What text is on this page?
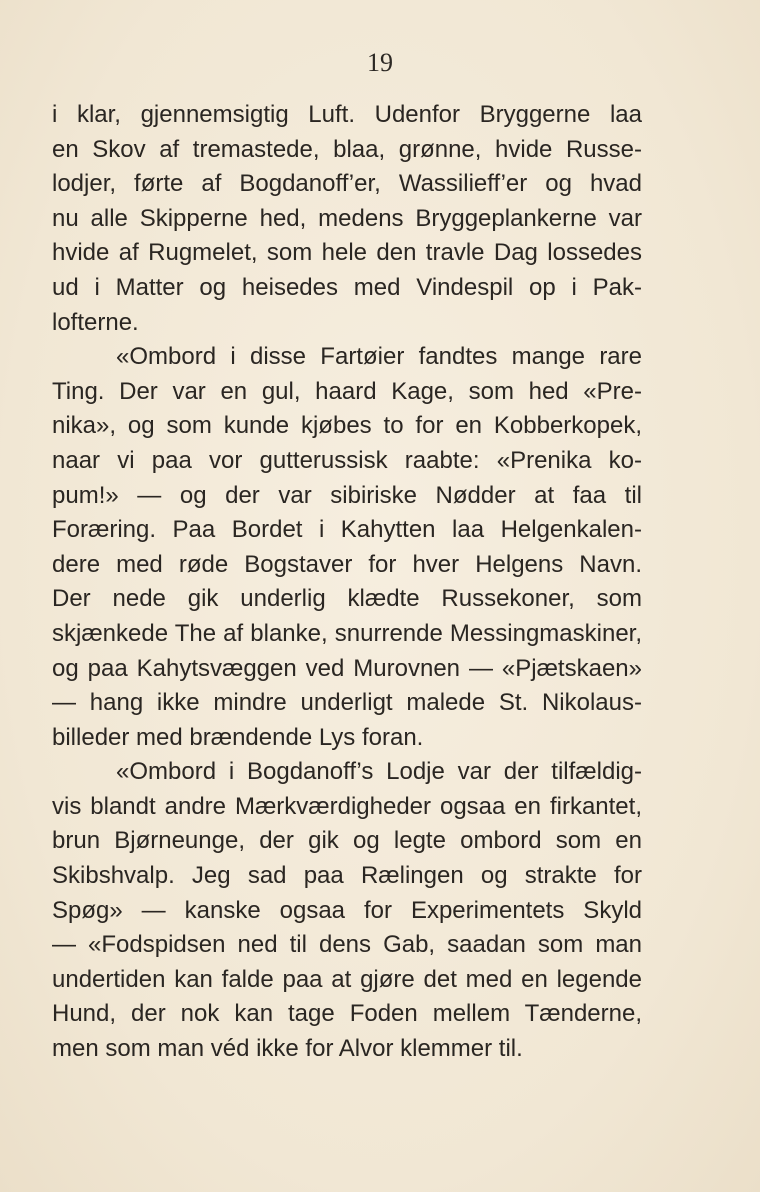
19
i klar, gjennemsigtig Luft. Udenfor Bryggerne laa
en Skov af tremastede, blaa, grønne, hvide Russe-
lodjer, førte af Bogdanoff’er, Wassilieff’er og hvad
nu alle Skipperne hed, medens Bryggeplankerne var
hvide af Rugmelet, som hele den travle Dag lossedes
ud i Matter og heisedes med Vindespil op i Pak-
lofterne.
«Ombord i disse Fartøier fandtes mange rare
Ting. Der var en gul, haard Kage, som hed «Pre-
nika», og som kunde kjøbes to for en Kobberkopek,
naar vi paa vor gutterussisk raabte: «Prenika ko-
pum!» — og der var sibiriske Nødder at faa til
Foræring. Paa Bordet i Kahytten laa Helgenkalen-
dere med røde Bogstaver for hver Helgens Navn.
Der nede gik underlig klædte Russekoner, som
skjænkede The af blanke, snurrende Messingmaskiner,
og paa Kahytsvæggen ved Murovnen — «Pjætskaen»
— hang ikke mindre underligt malede St. Nikolaus-
billeder med brændende Lys foran.
«Ombord i Bogdanoff’s Lodje var der tilfældig-
vis blandt andre Mærkværdigheder ogsaa en firkantet,
brun Bjørneunge, der gik og legte ombord som en
Skibshvalp. Jeg sad paa Rælingen og strakte for
Spøg» — kanske ogsaa for Experimentets Skyld
— «Fodspidsen ned til dens Gab, saadan som man
undertiden kan falde paa at gjøre det med en legende
Hund, der nok kan tage Foden mellem Tænderne,
men som man véd ikke for Alvor klemmer til.
